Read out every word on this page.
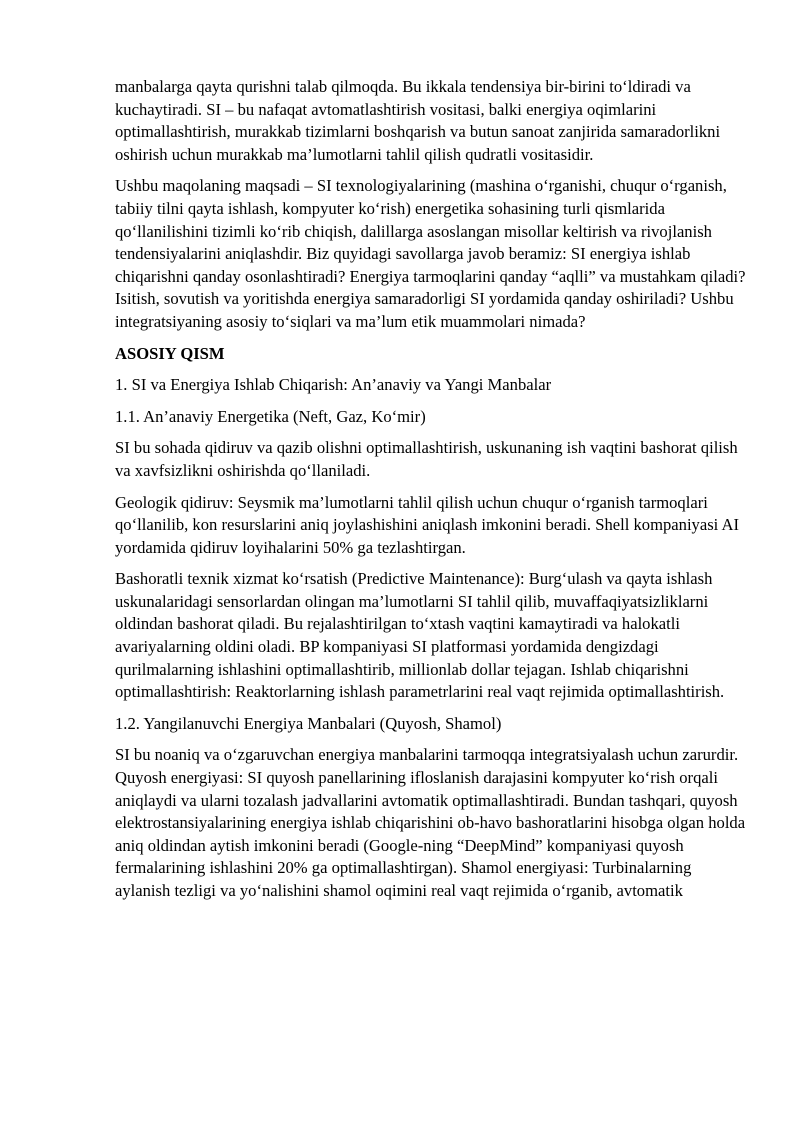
manbalarga qayta qurishni talab qilmoqda. Bu ikkala tendensiya bir-birini to‘ldiradi va kuchaytiradi. SI – bu nafaqat avtomatlashtirish vositasi, balki energiya oqimlarini optimallashtirish, murakkab tizimlarni boshqarish va butun sanoat zanjirida samaradorlikni oshirish uchun murakkab ma’lumotlarni tahlil qilish qudratli vositasidir.

Ushbu maqolaning maqsadi – SI texnologiyalarining (mashina o‘rganishi, chuqur o‘rganish, tabiiy tilni qayta ishlash, kompyuter ko‘rish) energetika sohasining turli qismlarida qo‘llanilishini tizimli ko‘rib chiqish, dalillarga asoslangan misollar keltirish va rivojlanish tendensiyalarini aniqlashdir. Biz quyidagi savollarga javob beramiz: SI energiya ishlab chiqarishni qanday osonlashtiradi? Energiya tarmoqlarini qanday “aqlli” va mustahkam qiladi? Isitish, sovutish va yoritishda energiya samaradorligi SI yordamida qanday oshiriladi? Ushbu integratsiyaning asosiy to‘siqlari va ma’lum etik muammolari nimada?

ASOSIY QISM

1. SI va Energiya Ishlab Chiqarish: An’anaviy va Yangi Manbalar

1.1. An’anaviy Energetika (Neft, Gaz, Ko‘mir)

SI bu sohada qidiruv va qazib olishni optimallashtirish, uskunaning ish vaqtini bashorat qilish va xavfsizlikni oshirishda qo‘llaniladi.

Geologik qidiruv: Seysmik ma’lumotlarni tahlil qilish uchun chuqur o‘rganish tarmoqlari qo‘llanilib, kon resurslarini aniq joylashishini aniqlash imkonini beradi. Shell kompaniyasi AI yordamida qidiruv loyihalarini 50% ga tezlashtirgan.

Bashoratli texnik xizmat ko‘rsatish (Predictive Maintenance): Burg‘ulash va qayta ishlash uskunalaridagi sensorlardan olingan ma’lumotlarni SI tahlil qilib, muvaffaqiyatsizliklarni oldindan bashorat qiladi. Bu rejalashtirilgan to‘xtash vaqtini kamaytiradi va halokatli avariyalarning oldini oladi. BP kompaniyasi SI platformasi yordamida dengizdagi qurilmalarning ishlashini optimallashtirib, millionlab dollar tejagan. Ishlab chiqarishni optimallashtirish: Reaktorlarning ishlash parametrlarini real vaqt rejimida optimallashtirish.

1.2. Yangilanuvchi Energiya Manbalari (Quyosh, Shamol)

SI bu noaniq va o‘zgaruvchan energiya manbalarini tarmoqqa integratsiyalash uchun zarurdir. Quyosh energiyasi: SI quyosh panellarining ifloslanish darajasini kompyuter ko‘rish orqali aniqlaydi va ularni tozalash jadvallarini avtomatik optimallashtiradi. Bundan tashqari, quyosh elektrostansiyalarining energiya ishlab chiqarishini ob-havo bashoratlarini hisobga olgan holda aniq oldindan aytish imkonini beradi (Google-ning “DeepMind” kompaniyasi quyosh fermalarining ishlashini 20% ga optimallashtirgan). Shamol energiyasi: Turbinalarning aylanish tezligi va yo‘nalishini shamol oqimini real vaqt rejimida o‘rganib, avtomatik
